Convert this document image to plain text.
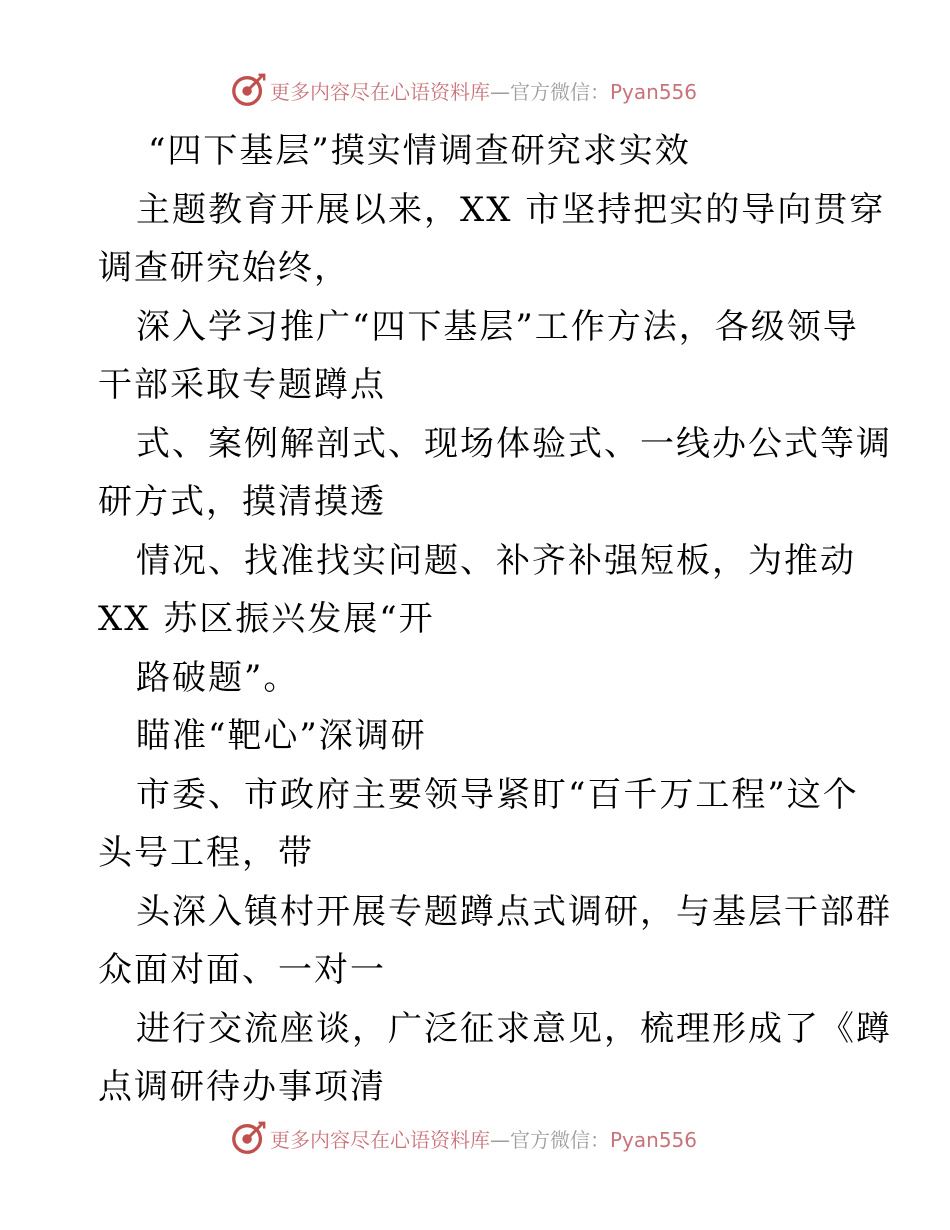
更多内容尽在心语资料库—官方微信：Pyan556
“四下基层”摸实情调查研究求实效
主题教育开展以来，XX 市坚持把实的导向贯穿
调查研究始终，
深入学习推广“四下基层”工作方法，各级领导
干部采取专题蹲点
式、案例解剖式、现场体验式、一线办公式等调
研方式，摸清摸透
情况、找准找实问题、补齐补强短板，为推动
XX 苏区振兴发展“开
路破题”。
瞄准“靶心”深调研
市委、市政府主要领导紧盯“百千万工程”这个
头号工程，带
头深入镇村开展专题蹲点式调研，与基层干部群
众面对面、一对一
进行交流座谈，广泛征求意见，梳理形成了《蹲
点调研待办事项清
更多内容尽在心语资料库—官方微信：Pyan556
